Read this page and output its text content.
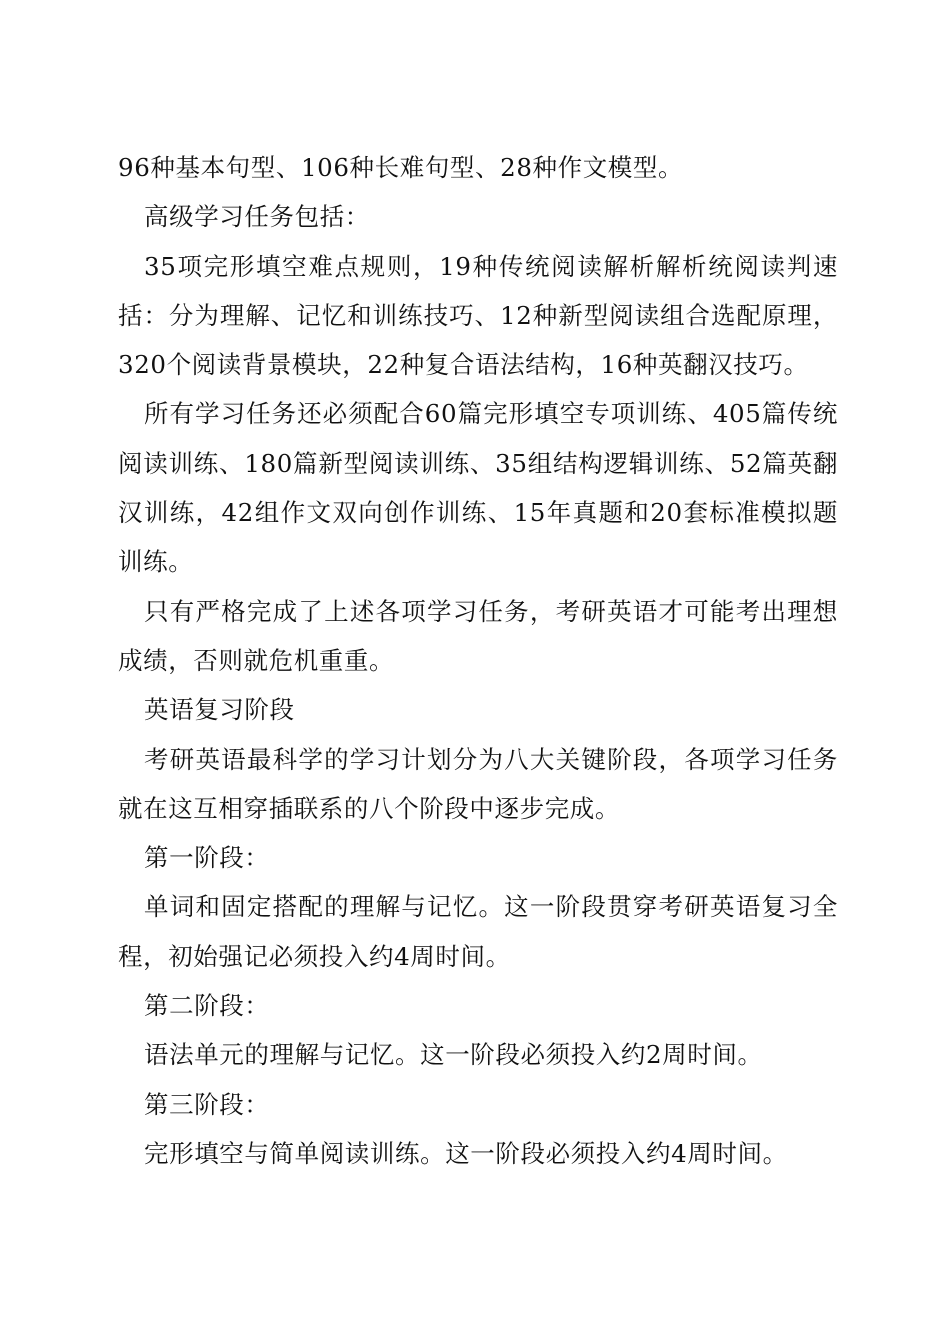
96种基本句型、106种长难句型、28种作文模型。

高级学习任务包括：

35项完形填空难点规则，19种传统阅读解析解析统阅读判速括：分为理解、记忆和训练技巧、12种新型阅读组合选配原理，320个阅读背景模块，22种复合语法结构，16种英翻汉技巧。

所有学习任务还必须配合60篇完形填空专项训练、405篇传统阅读训练、180篇新型阅读训练、35组结构逻辑训练、52篇英翻汉训练，42组作文双向创作训练、15年真题和20套标准模拟题训练。

只有严格完成了上述各项学习任务，考研英语才可能考出理想成绩，否则就危机重重。

英语复习阶段

考研英语最科学的学习计划分为八大关键阶段，各项学习任务就在这互相穿插联系的八个阶段中逐步完成。

第一阶段：

单词和固定搭配的理解与记忆。这一阶段贯穿考研英语复习全程，初始强记必须投入约4周时间。

第二阶段：

语法单元的理解与记忆。这一阶段必须投入约2周时间。

第三阶段：

完形填空与简单阅读训练。这一阶段必须投入约4周时间。
